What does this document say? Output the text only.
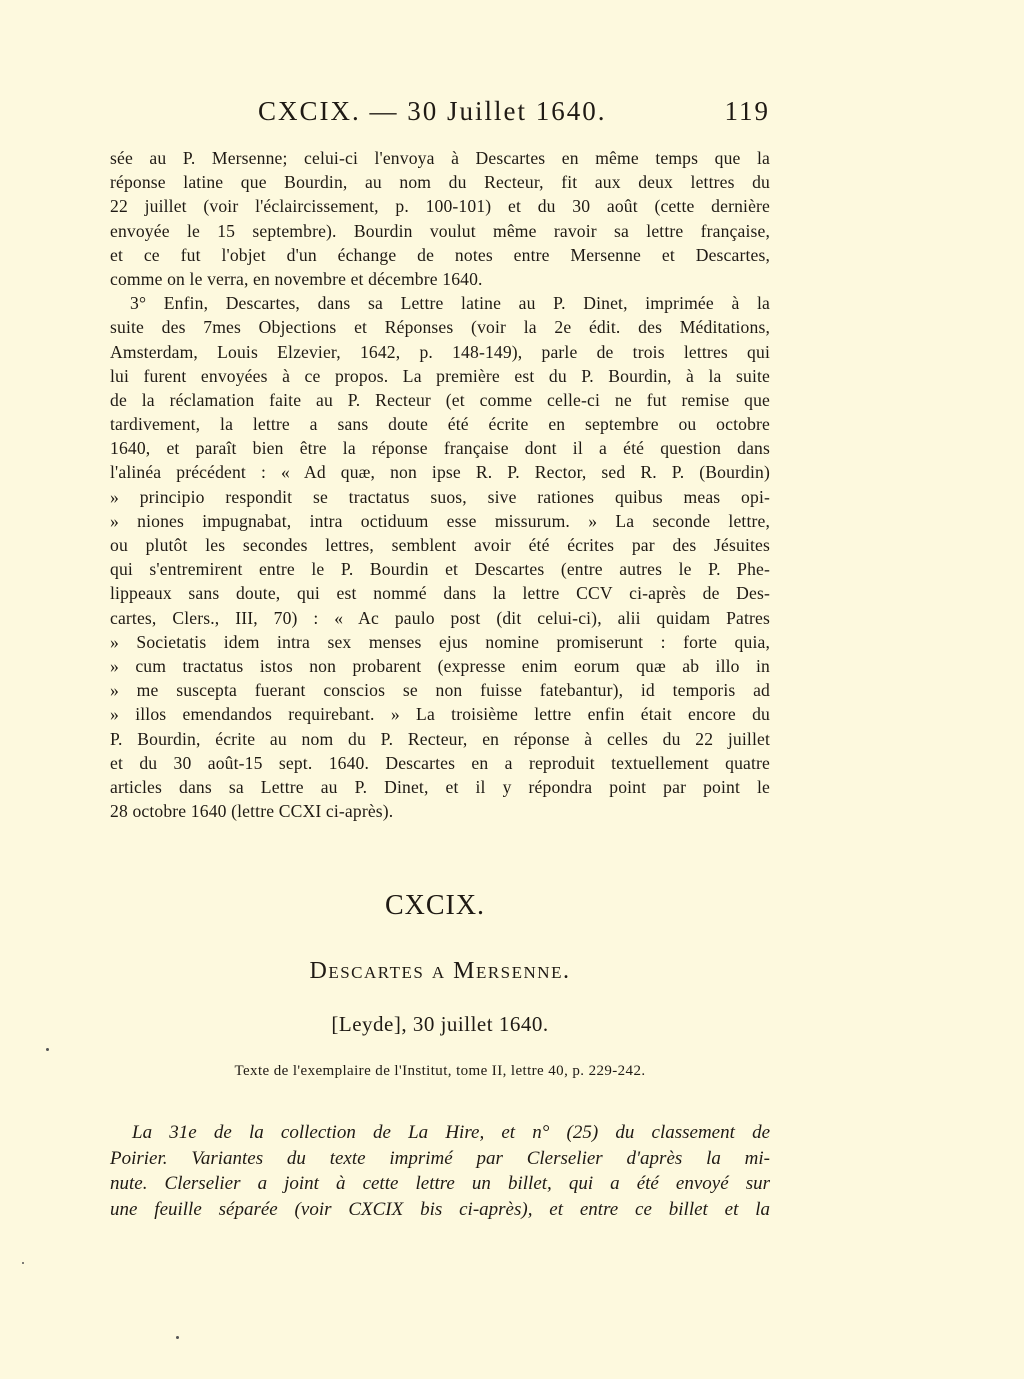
CXCIX. — 30 Juillet 1640.	119
sée au P. Mersenne; celui-ci l'envoya à Descartes en même temps que la
réponse latine que Bourdin, au nom du Recteur, fit aux deux lettres du
22 juillet (voir l'éclaircissement, p. 100-101) et du 30 août (cette dernière
envoyée le 15 septembre). Bourdin voulut même ravoir sa lettre française,
et ce fut l'objet d'un échange de notes entre Mersenne et Descartes,
comme on le verra, en novembre et décembre 1640.
3° Enfin, Descartes, dans sa Lettre latine au P. Dinet, imprimée à la
suite des 7mes Objections et Réponses (voir la 2e édit. des Méditations,
Amsterdam, Louis Elzevier, 1642, p. 148-149), parle de trois lettres qui
lui furent envoyées à ce propos. La première est du P. Bourdin, à la suite
de la réclamation faite au P. Recteur (et comme celle-ci ne fut remise que
tardivement, la lettre a sans doute été écrite en septembre ou octobre
1640, et paraît bien être la réponse française dont il a été question dans
l'alinéa précédent : « Ad quæ, non ipse R. P. Rector, sed R. P. (Bourdin)
» principio respondit se tractatus suos, sive rationes quibus meas opi-
» niones impugnabat, intra octiduum esse missurum. » La seconde lettre,
ou plutôt les secondes lettres, semblent avoir été écrites par des Jésuites
qui s'entremirent entre le P. Bourdin et Descartes (entre autres le P. Phe-
lippeaux sans doute, qui est nommé dans la lettre CCV ci-après de Des-
cartes, Clers., III, 70) : « Ac paulo post (dit celui-ci), alii quidam Patres
» Societatis idem intra sex menses ejus nomine promiserunt : forte quia,
» cum tractatus istos non probarent (expresse enim eorum quæ ab illo in
» me suscepta fuerant conscios se non fuisse fatebantur), id temporis ad
» illos emendandos requirebant. » La troisième lettre enfin était encore du
P. Bourdin, écrite au nom du P. Recteur, en réponse à celles du 22 juillet
et du 30 août-15 sept. 1640. Descartes en a reproduit textuellement quatre
articles dans sa Lettre au P. Dinet, et il y répondra point par point le
28 octobre 1640 (lettre CCXI ci-après).
CXCIX.
Descartes a Mersenne.
[Leyde], 30 juillet 1640.
Texte de l'exemplaire de l'Institut, tome II, lettre 40, p. 229-242.
La 31e de la collection de La Hire, et n° (25) du classement de
Poirier. Variantes du texte imprimé par Clerselier d'après la mi-
nute. Clerselier a joint à cette lettre un billet, qui a été envoyé sur
une feuille séparée (voir CXCIX bis ci-après), et entre ce billet et la
